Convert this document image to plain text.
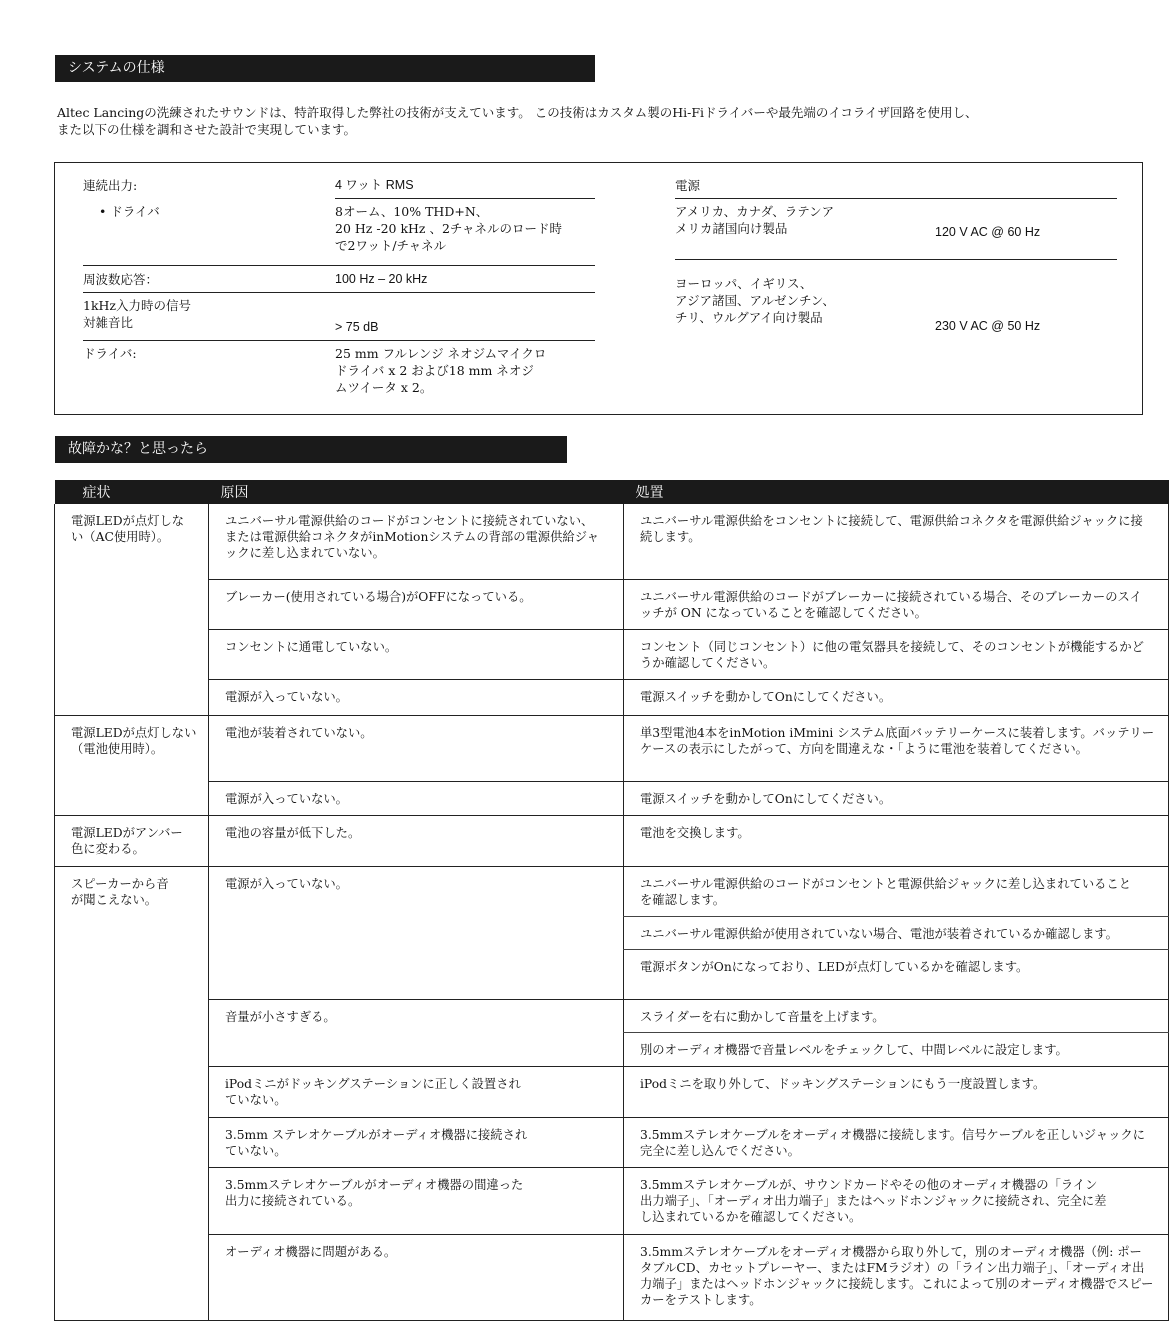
システムの仕様
Altec Lancingの洗練されたサウンドは、特許取得した弊社の技術が支えています。 この技術はカスタム製のHi-Fiドライバーや最先端のイコライザ回路を使用し、
また以下の仕様を調和させた設計で実現しています。
連続出力:	4 ワット RMS
• ドライバ	8オーム、10% THD+N、
20 Hz -20 kHz 、2チャネルのロード時
で2ワット/チャネル
周波数応答：	100 Hz – 20 kHz
1kHz入力時の信号
対雑音比	> 75 dB
ドライバ:	25 mm フルレンジ ネオジムマイクロ
ドライバ x 2 および18 mm ネオジ
ムツイータ x 2。
電源
アメリカ、カナダ、ラテンア
メリカ諸国向け製品	120 V AC @ 60 Hz
ヨーロッパ、イギリス、
アジア諸国、アルゼンチン、
チリ、ウルグアイ向け製品
230 V AC @ 50 Hz
故障かな？と思ったら
症状	原因	処置
電源LEDが点灯しない（AC使用時）。	ユニバーサル電源供給のコードがコンセントに接続されていない、または電源供給コネクタがinMotionシステムの背部の電源供給ジャックに差し込まれていない。	ユニバーサル電源供給をコンセントに接続して、電源供給コネクタを電源供給ジャックに接続します。
	ブレーカー(使用されている場合)がOFFになっている。	ユニバーサル電源供給のコードがブレーカーに接続されている場合、そのブレーカーのスイッチが ON になっていることを確認してください。
	コンセントに通電していない。	コンセント（同じコンセント）に他の電気器具を接続して、そのコンセントが機能するかどうか確認してください。
	電源が入っていない。	電源スイッチを動かしてOnにしてください。
電源LEDが点灯しない（電池使用時）。	電池が装着されていない。	単3型電池4本をinMotion iMmini システム底面バッテリーケースに装着します。バッテリーケースの表示にしたがって、方向を間違えな・「ように電池を装着してください。
	電源が入っていない。	電源スイッチを動かしてOnにしてください。
電源LEDがアンバー色に変わる。	電池の容量が低下した。	電池を交換します。
スピーカーから音が聞こえない。	電源が入っていない。	ユニバーサル電源供給のコードがコンセントと電源供給ジャックに差し込まれていることを確認します。
		ユニバーサル電源供給が使用されていない場合、電池が装着されているか確認します。
		電源ボタンがOnになっており、LEDが点灯しているかを確認します。
	音量が小さすぎる。	スライダーを右に動かして音量を上げます。
		別のオーディオ機器で音量レベルをチェックして、中間レベルに設定します。
	iPodミニがドッキングステーションに正しく設置されていない。	iPodミニを取り外して、ドッキングステーションにもう一度設置します。
	3.5mm ステレオケーブルがオーディオ機器に接続されていない。	3.5mmステレオケーブルをオーディオ機器に接続します。信号ケーブルを正しいジャックに完全に差し込んでください。
	3.5mmステレオケーブルがオーディオ機器の間違った出力に接続されている。	3.5mmステレオケーブルが、サウンドカードやその他のオーディオ機器の「ライン出力端子」、「オーディオ出力端子」またはヘッドホンジャックに接続され、完全に差し込まれているかを確認してください。
	オーディオ機器に問題がある。	3.5mmステレオケーブルをオーディオ機器から取り外して，別のオーディオ機器（例: ポータブルCD、カセットプレーヤー、またはFMラジオ）の「ライン出力端子」、「オーディオ出力端子」またはヘッドホンジャックに接続します。これによって別のオーディオ機器でスピーカーをテストします。
